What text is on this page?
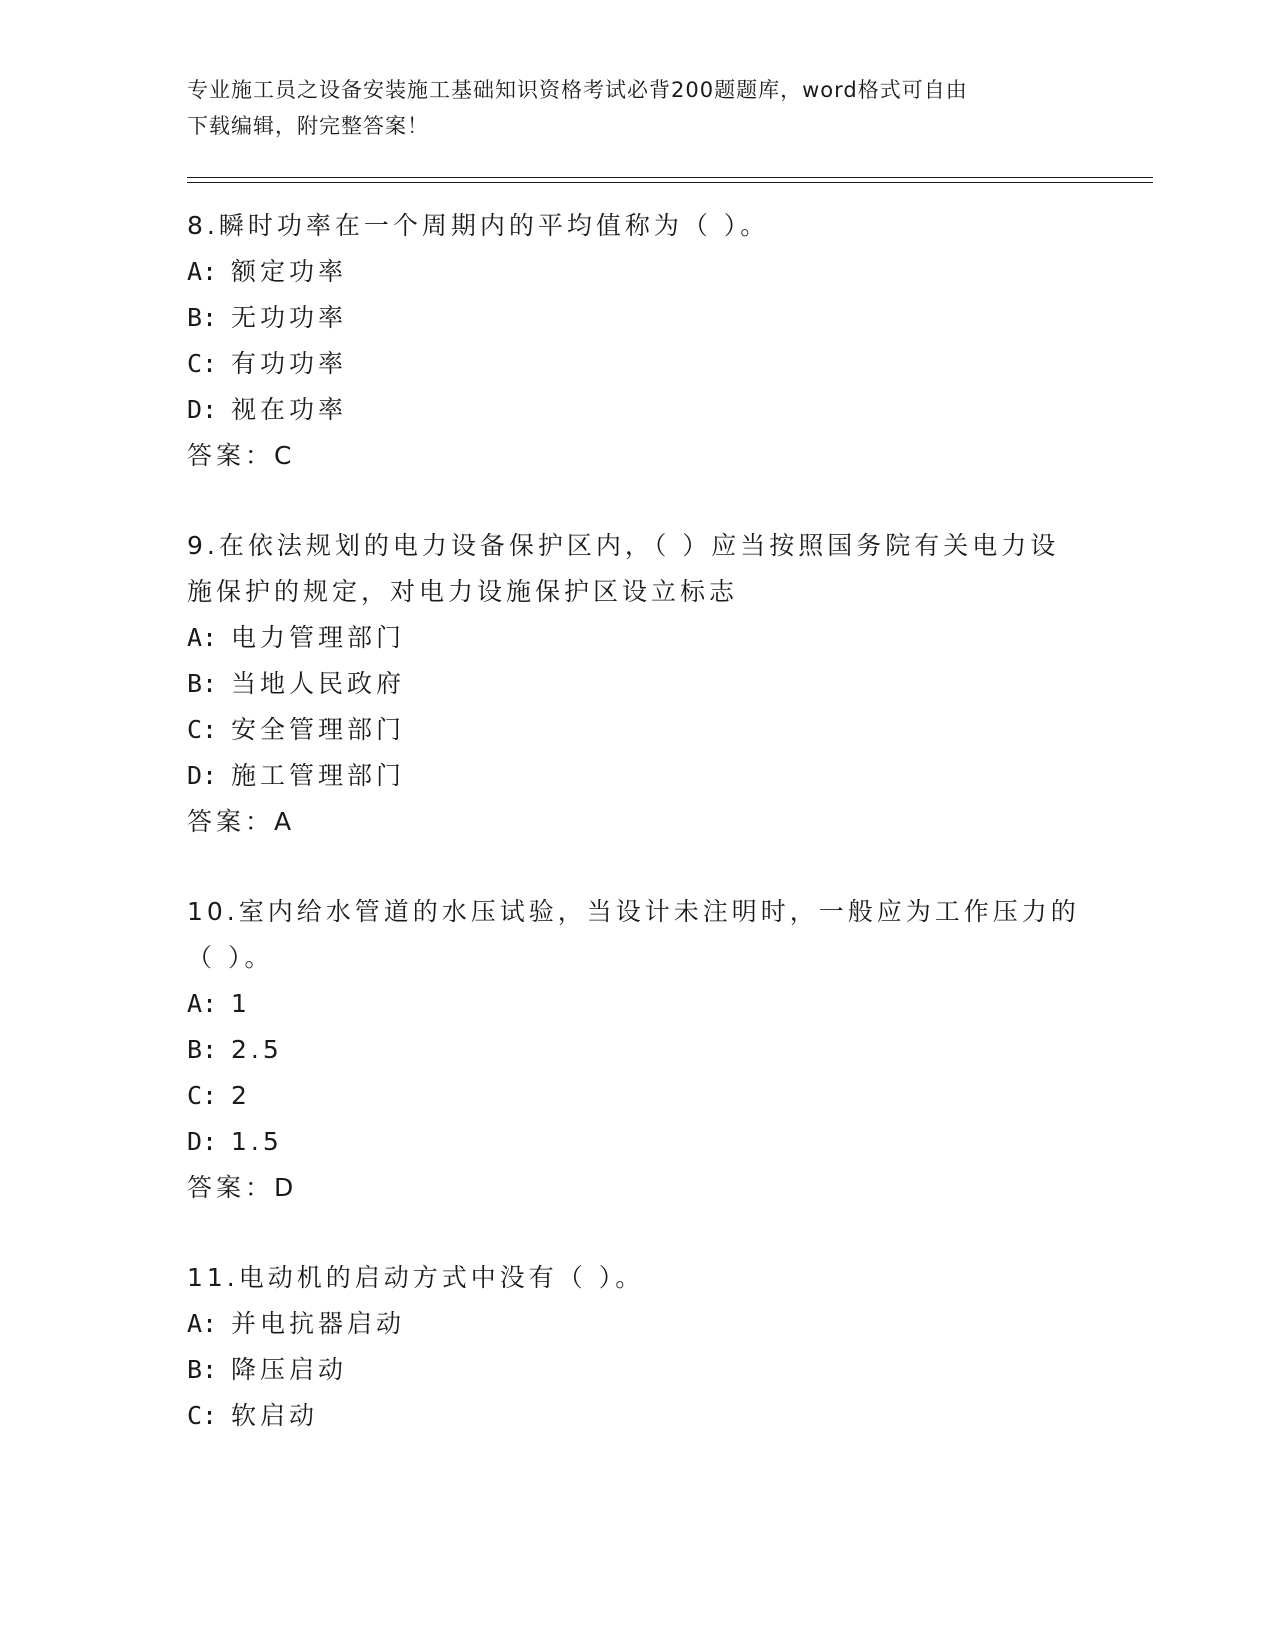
专业施工员之设备安装施工基础知识资格考试必背200题题库，word格式可自由
下载编辑，附完整答案！
8.瞬时功率在一个周期内的平均值称为（ ）。
A: 额定功率
B: 无功功率
C: 有功功率
D: 视在功率
答案：C
9.在依法规划的电力设备保护区内，（ ）应当按照国务院有关电力设
施保护的规定，对电力设施保护区设立标志
A: 电力管理部门
B: 当地人民政府
C: 安全管理部门
D: 施工管理部门
答案：A
10.室内给水管道的水压试验，当设计未注明时，一般应为工作压力的
（ ）。
A: 1
B: 2.5
C: 2
D: 1.5
答案：D
11.电动机的启动方式中没有（ ）。
A: 并电抗器启动
B: 降压启动
C: 软启动
